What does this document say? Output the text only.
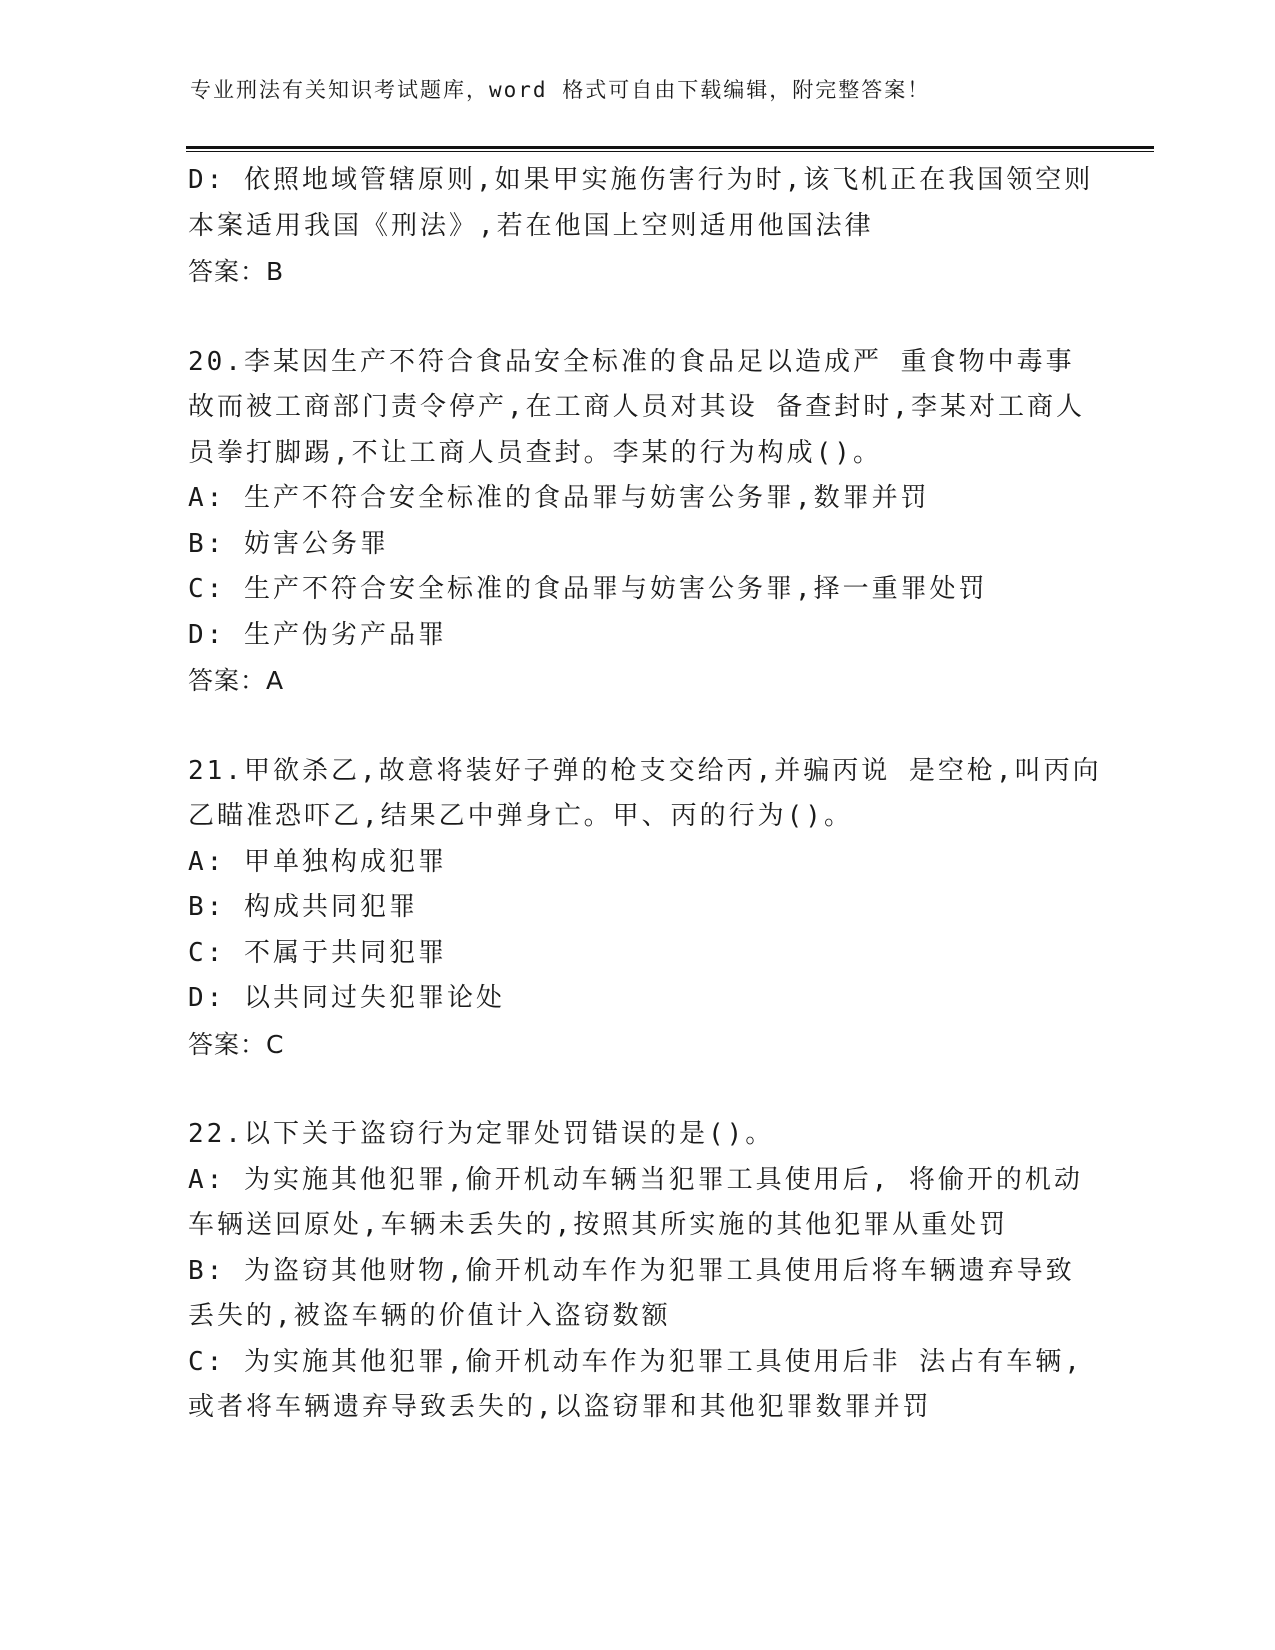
专业刑法有关知识考试题库，word 格式可自由下载编辑，附完整答案！
D: 依照地域管辖原则,如果甲实施伤害行为时,该飞机正在我国领空则
本案适用我国《刑法》,若在他国上空则适用他国法律
答案：B
20.李某因生产不符合食品安全标准的食品足以造成严 重食物中毒事
故而被工商部门责令停产,在工商人员对其设 备查封时,李某对工商人
员拳打脚踢,不让工商人员查封。李某的行为构成()。
A: 生产不符合安全标准的食品罪与妨害公务罪,数罪并罚
B: 妨害公务罪
C: 生产不符合安全标准的食品罪与妨害公务罪,择一重罪处罚
D: 生产伪劣产品罪
答案：A
21.甲欲杀乙,故意将装好子弹的枪支交给丙,并骗丙说 是空枪,叫丙向
乙瞄准恐吓乙,结果乙中弹身亡。甲、丙的行为()。
A: 甲单独构成犯罪
B: 构成共同犯罪
C: 不属于共同犯罪
D: 以共同过失犯罪论处
答案：C
22.以下关于盗窃行为定罪处罚错误的是()。
A: 为实施其他犯罪,偷开机动车辆当犯罪工具使用后, 将偷开的机动
车辆送回原处,车辆未丢失的,按照其所实施的其他犯罪从重处罚
B: 为盗窃其他财物,偷开机动车作为犯罪工具使用后将车辆遗弃导致
丢失的,被盗车辆的价值计入盗窃数额
C: 为实施其他犯罪,偷开机动车作为犯罪工具使用后非 法占有车辆,
或者将车辆遗弃导致丢失的,以盗窃罪和其他犯罪数罪并罚
